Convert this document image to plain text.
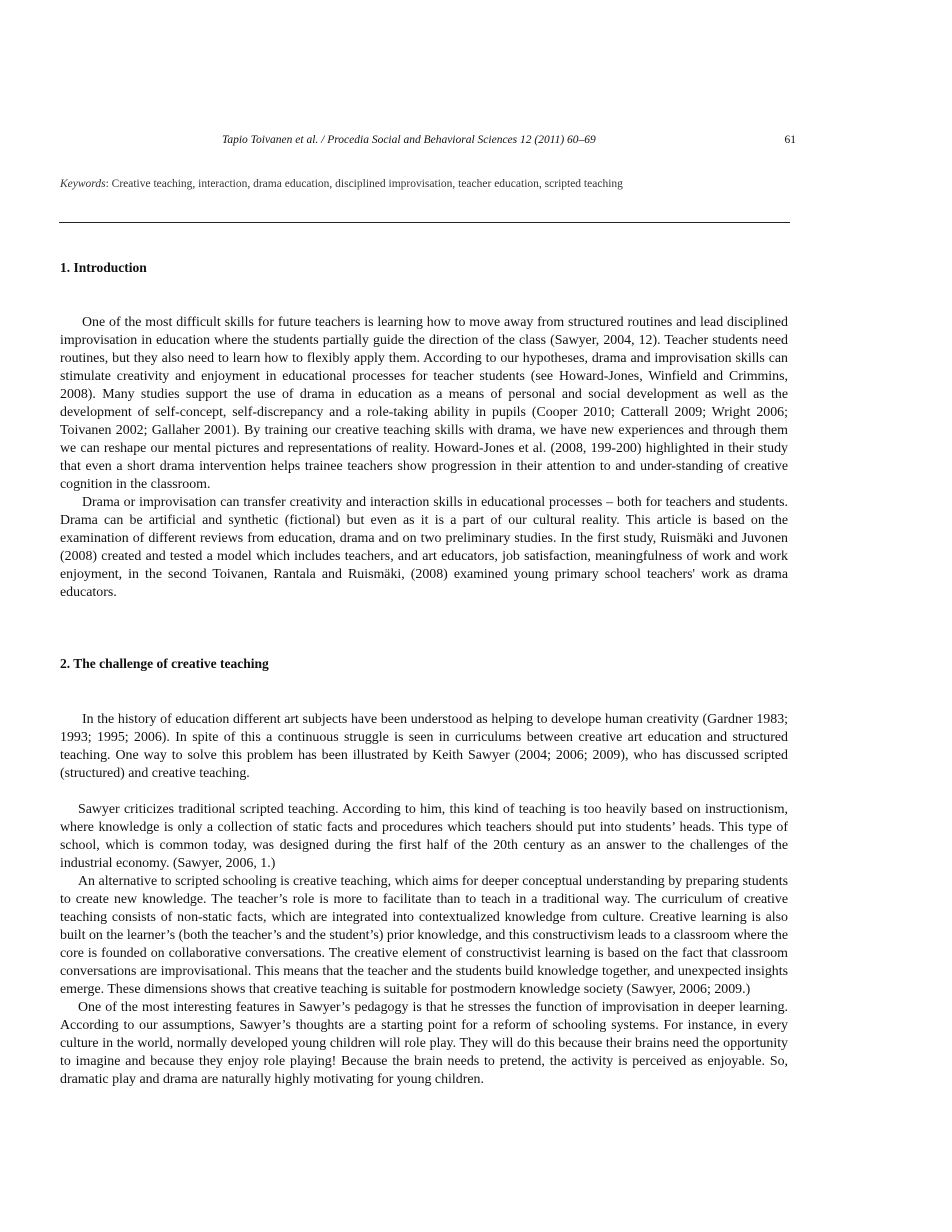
Tapio Toivanen et al. / Procedia Social and Behavioral Sciences 12 (2011) 60–69	61
Keywords: Creative teaching, interaction, drama education, disciplined improvisation, teacher education, scripted teaching
1. Introduction

One of the most difficult skills for future teachers is learning how to move away from structured routines and lead disciplined improvisation in education where the students partially guide the direction of the class (Sawyer, 2004, 12). Teacher students need routines, but they also need to learn how to flexibly apply them. According to our hypotheses, drama and improvisation skills can stimulate creativity and enjoyment in educational processes for teacher students (see Howard-Jones, Winfield and Crimmins, 2008). Many studies support the use of drama in education as a means of personal and social development as well as the development of self-concept, self-discrepancy and a role-taking ability in pupils (Cooper 2010; Catterall 2009; Wright 2006; Toivanen 2002; Gallaher 2001). By training our creative teaching skills with drama, we have new experiences and through them we can reshape our mental pictures and representations of reality. Howard-Jones et al. (2008, 199-200) highlighted in their study that even a short drama intervention helps trainee teachers show progression in their attention to and under-standing of creative cognition in the classroom.

Drama or improvisation can transfer creativity and interaction skills in educational processes – both for teachers and students. Drama can be artificial and synthetic (fictional) but even as it is a part of our cultural reality. This article is based on the examination of different reviews from education, drama and on two preliminary studies. In the first study, Ruismäki and Juvonen (2008) created and tested a model which includes teachers, and art educators, job satisfaction, meaningfulness of work and work enjoyment, in the second Toivanen, Rantala and Ruismäki, (2008) examined young primary school teachers' work as drama educators.

2. The challenge of creative teaching

In the history of education different art subjects have been understood as helping to develope human creativity (Gardner 1983; 1993; 1995; 2006). In spite of this a continuous struggle is seen in curriculums between creative art education and structured teaching. One way to solve this problem has been illustrated by Keith Sawyer (2004; 2006; 2009), who has discussed scripted (structured) and creative teaching.

Sawyer criticizes traditional scripted teaching. According to him, this kind of teaching is too heavily based on instructionism, where knowledge is only a collection of static facts and procedures which teachers should put into students’ heads. This type of school, which is common today, was designed during the first half of the 20th century as an answer to the challenges of the industrial economy. (Sawyer, 2006, 1.)

An alternative to scripted schooling is creative teaching, which aims for deeper conceptual understanding by preparing students to create new knowledge. The teacher’s role is more to facilitate than to teach in a traditional way. The curriculum of creative teaching consists of non-static facts, which are integrated into contextualized knowledge from culture. Creative learning is also built on the learner’s (both the teacher’s and the student’s) prior knowledge, and this constructivism leads to a classroom where the core is founded on collaborative conversations. The creative element of constructivist learning is based on the fact that classroom conversations are improvisational. This means that the teacher and the students build knowledge together, and unexpected insights emerge. These dimensions shows that creative teaching is suitable for postmodern knowledge society (Sawyer, 2006; 2009.)

One of the most interesting features in Sawyer’s pedagogy is that he stresses the function of improvisation in deeper learning. According to our assumptions, Sawyer’s thoughts are a starting point for a reform of schooling systems. For instance, in every culture in the world, normally developed young children will role play. They will do this because their brains need the opportunity to imagine and because they enjoy role playing! Because the brain needs to pretend, the activity is perceived as enjoyable. So, dramatic play and drama are naturally highly motivating for young children.
